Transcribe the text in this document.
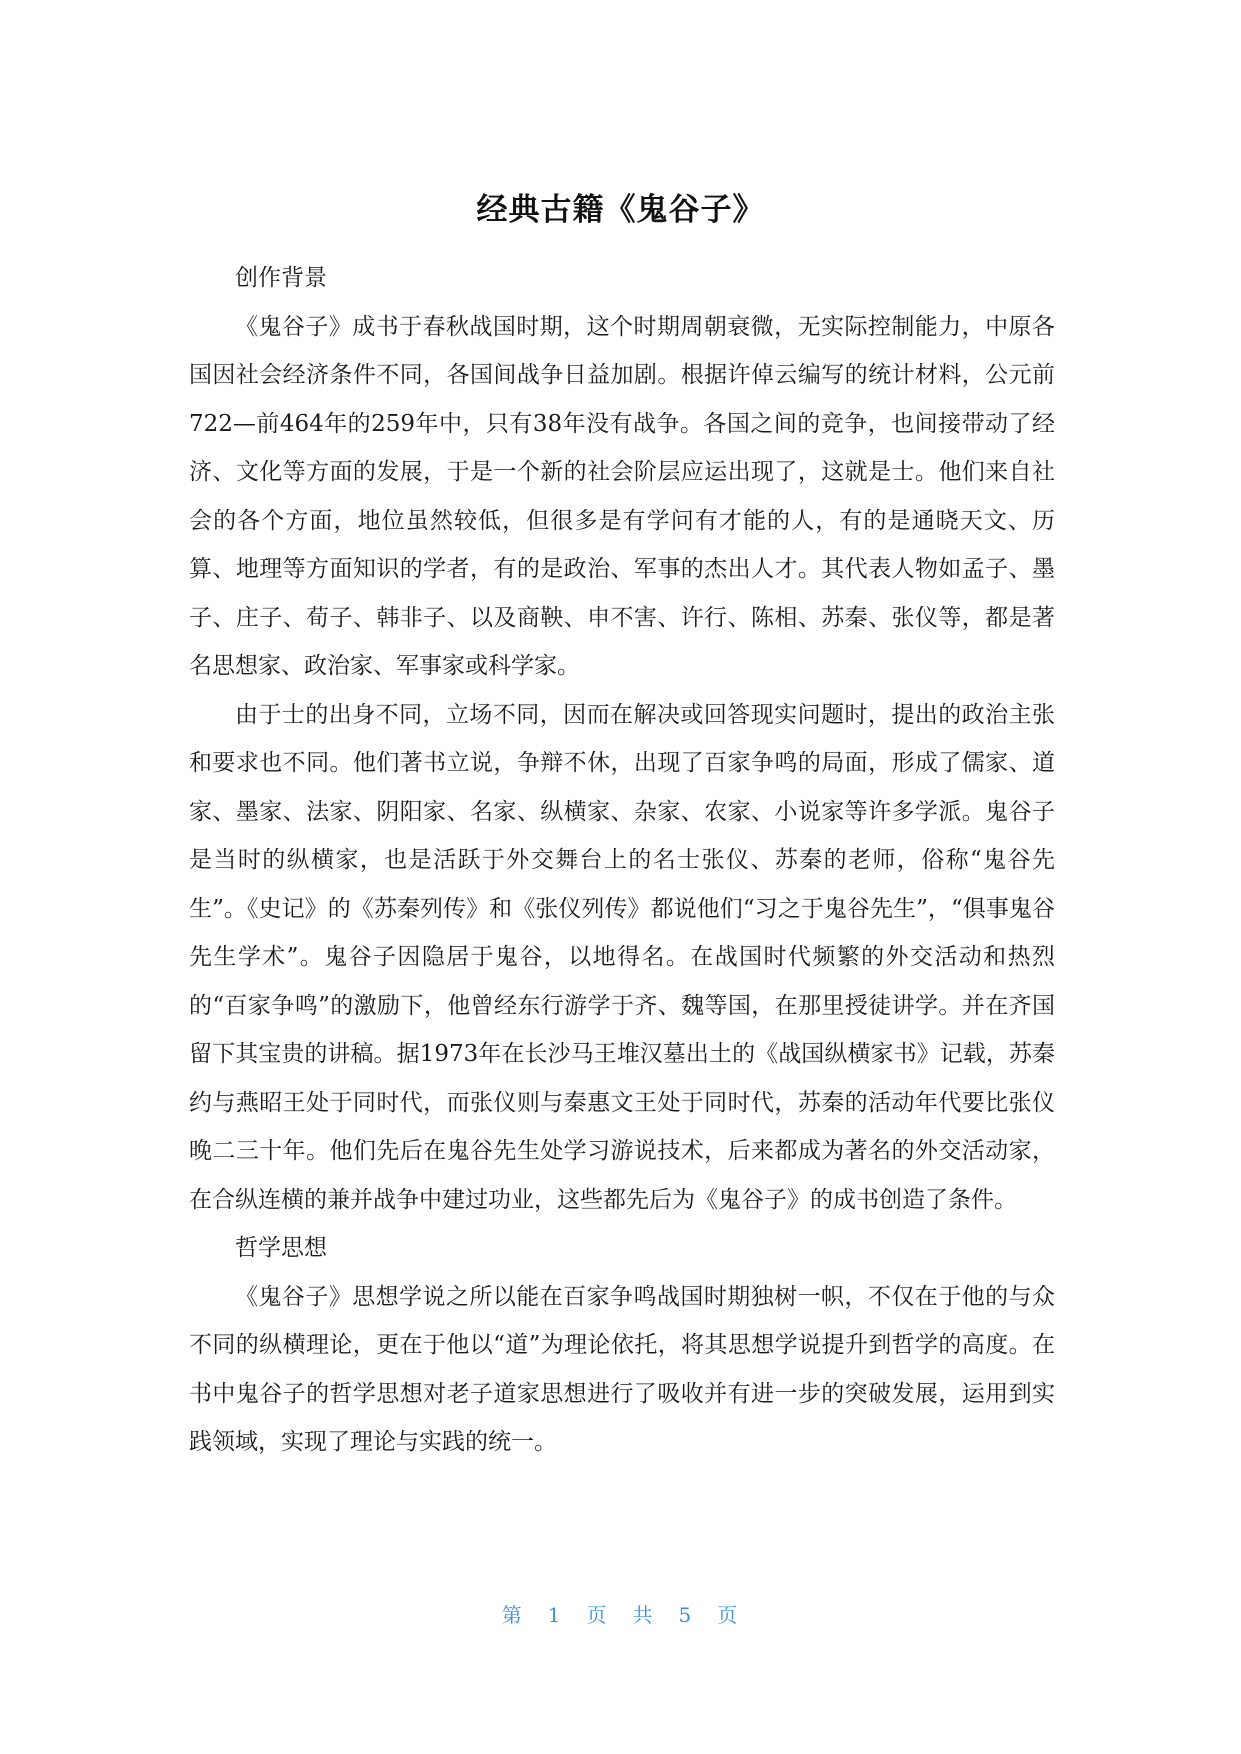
经典古籍《鬼谷子》

创作背景

《鬼谷子》成书于春秋战国时期，这个时期周朝衰微，无实际控制能力，中原各国因社会经济条件不同，各国间战争日益加剧。根据许倬云编写的统计材料，公元前722—前464年的259年中，只有38年没有战争。各国之间的竞争，也间接带动了经济、文化等方面的发展，于是一个新的社会阶层应运出现了，这就是士。他们来自社会的各个方面，地位虽然较低，但很多是有学问有才能的人，有的是通晓天文、历算、地理等方面知识的学者，有的是政治、军事的杰出人才。其代表人物如孟子、墨子、庄子、荀子、韩非子、以及商鞅、申不害、许行、陈相、苏秦、张仪等，都是著名思想家、政治家、军事家或科学家。

由于士的出身不同，立场不同，因而在解决或回答现实问题时，提出的政治主张和要求也不同。他们著书立说，争辩不休，出现了百家争鸣的局面，形成了儒家、道家、墨家、法家、阴阳家、名家、纵横家、杂家、农家、小说家等许多学派。鬼谷子是当时的纵横家，也是活跃于外交舞台上的名士张仪、苏秦的老师，俗称“鬼谷先生”。《史记》的《苏秦列传》和《张仪列传》都说他们“习之于鬼谷先生”，“俱事鬼谷先生学术”。鬼谷子因隐居于鬼谷，以地得名。在战国时代频繁的外交活动和热烈的“百家争鸣”的激励下，他曾经东行游学于齐、魏等国，在那里授徒讲学。并在齐国留下其宝贵的讲稿。据1973年在长沙马王堆汉墓出土的《战国纵横家书》记载，苏秦约与燕昭王处于同时代，而张仪则与秦惠文王处于同时代，苏秦的活动年代要比张仪晚二三十年。他们先后在鬼谷先生处学习游说技术，后来都成为著名的外交活动家，在合纵连横的兼并战争中建过功业，这些都先后为《鬼谷子》的成书创造了条件。

哲学思想

《鬼谷子》思想学说之所以能在百家争鸣战国时期独树一帜，不仅在于他的与众不同的纵横理论，更在于他以“道”为理论依托，将其思想学说提升到哲学的高度。在书中鬼谷子的哲学思想对老子道家思想进行了吸收并有进一步的突破发展，运用到实践领域，实现了理论与实践的统一。

第 1 页 共 5 页
